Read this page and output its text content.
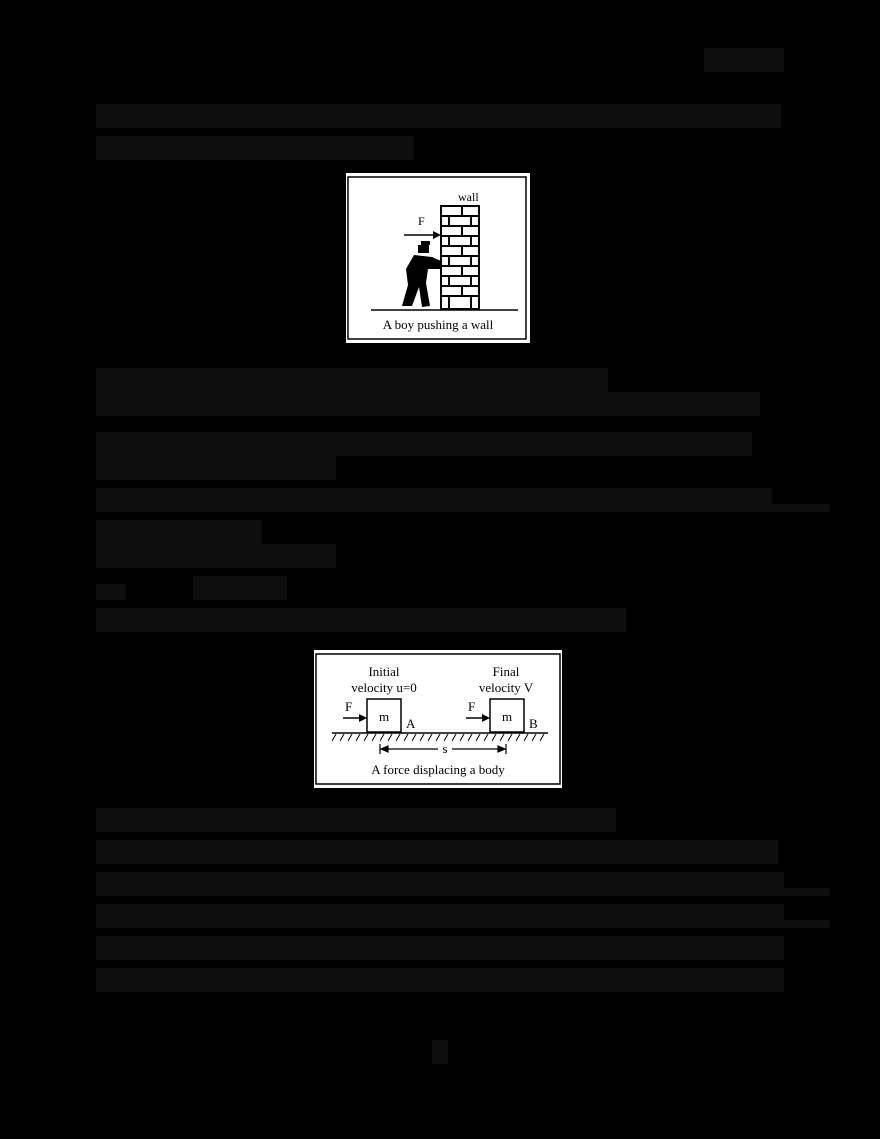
wall
F
A boy pushing a wall
Initial
velocity u=0
Final
velocity V
F
m A
F
m B
s
A force displacing a body
